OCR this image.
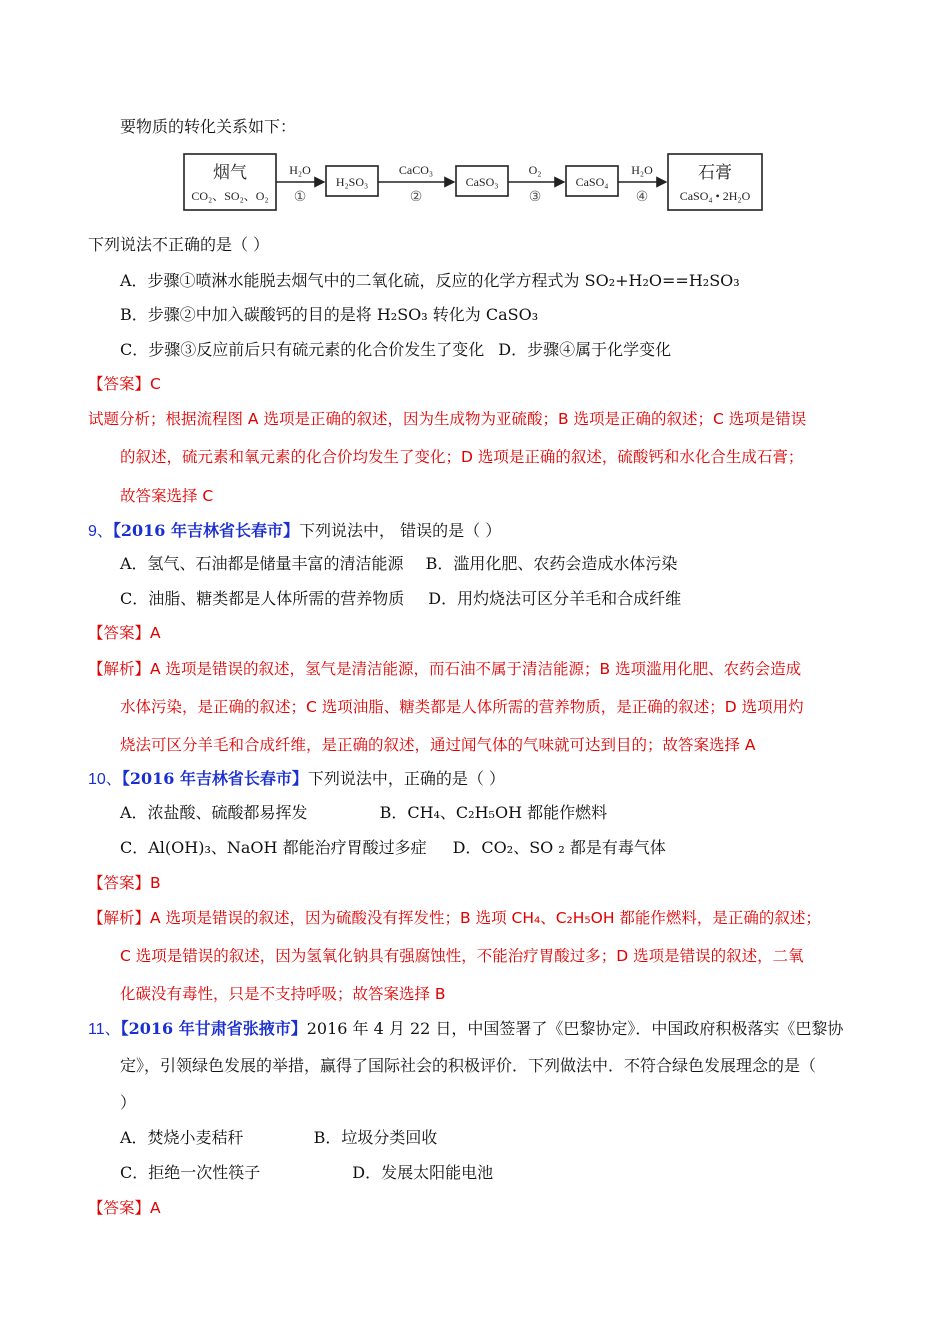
要物质的转化关系如下：
烟气
CO₂、SO₂、O₂
H₂O
①
H₂SO₃
CaCO₃
②
CaSO₃
O₂
③
CaSO₄
H₂O
④
石膏
CaSO₄ • 2H₂O
下列说法不正确的是（ ）
A．步骤①喷淋水能脱去烟气中的二氧化硫，反应的化学方程式为 SO₂+H₂O==H₂SO₃
B．步骤②中加入碳酸钙的目的是将 H₂SO₃ 转化为 CaSO₃
C．步骤③反应前后只有硫元素的化合价发生了变化 D．步骤④属于化学变化
【答案】C
试题分析；根据流程图 A 选项是正确的叙述，因为生成物为亚硫酸；B 选项是正确的叙述；C 选项是错误
的叙述，硫元素和氧元素的化合价均发生了变化；D 选项是正确的叙述，硫酸钙和水化合生成石膏；
故答案选择 C
9、【2016 年吉林省长春市】下列说法中， 错误的是（ ）
A．氢气、石油都是储量丰富的清洁能源 B．滥用化肥、农药会造成水体污染
C．油脂、糖类都是人体所需的营养物质 D．用灼烧法可区分羊毛和合成纤维
【答案】A
【解析】A 选项是错误的叙述，氢气是清洁能源，而石油不属于清洁能源；B 选项滥用化肥、农药会造成
水体污染，是正确的叙述；C 选项油脂、糖类都是人体所需的营养物质，是正确的叙述；D 选项用灼
烧法可区分羊毛和合成纤维，是正确的叙述，通过闻气体的气味就可达到目的；故答案选择 A
10、【2016 年吉林省长春市】下列说法中，正确的是（ ）
A．浓盐酸、硫酸都易挥发	B．CH₄、C₂H₅OH 都能作燃料
C．Al(OH)₃、NaOH 都能治疗胃酸过多症 D．CO₂、SO ₂ 都是有毒气体
【答案】B
【解析】A 选项是错误的叙述，因为硫酸没有挥发性；B 选项 CH₄、C₂H₅OH 都能作燃料，是正确的叙述；
C 选项是错误的叙述，因为氢氧化钠具有强腐蚀性，不能治疗胃酸过多；D 选项是错误的叙述，二氧
化碳没有毒性，只是不支持呼吸；故答案选择 B
11、【2016 年甘肃省张掖市】2016 年 4 月 22 日，中国签署了《巴黎协定》．中国政府积极落实《巴黎协
定》，引领绿色发展的举措，赢得了国际社会的积极评价．下列做法中．不符合绿色发展理念的是（
）
A．焚烧小麦秸秆	B．垃圾分类回收
C．拒绝一次性筷子	D．发展太阳能电池
【答案】A
